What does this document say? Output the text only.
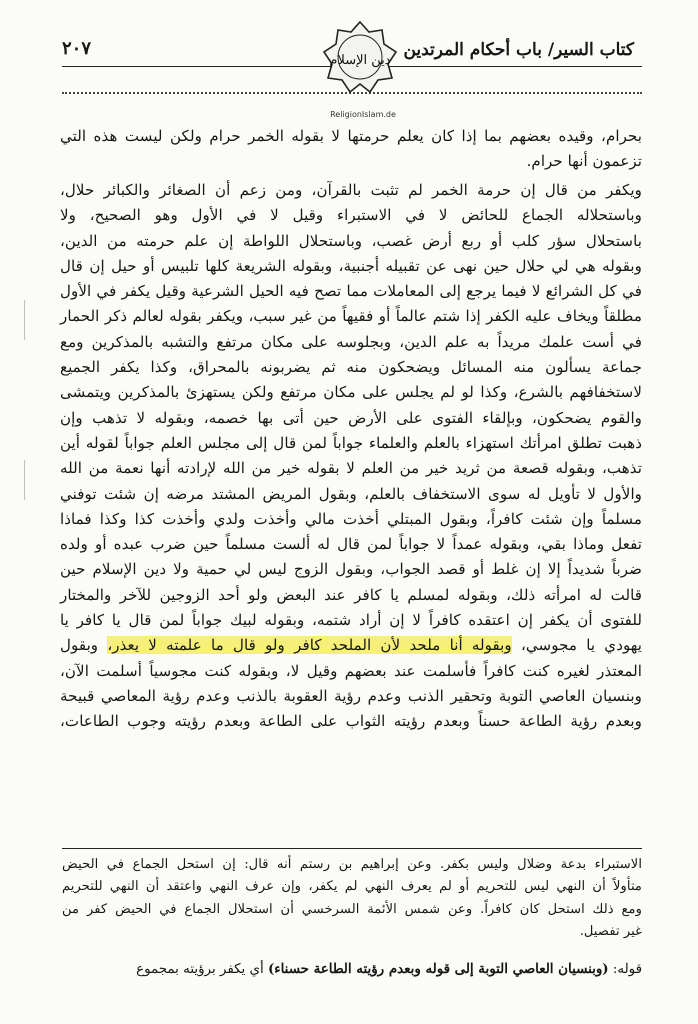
كتاب السير/ باب أحكام المرتدين
٢٠٧
دين الإسلام
ReligionIslam.de
بحرام، وقيده بعضهم بما إذا كان يعلم حرمتها لا بقوله الخمر حرام ولكن ليست هذه التي
تزعمون أنها حرام.
ويكفر من قال إن حرمة الخمر لم تثبت بالقرآن، ومن زعم أن الصغائر والكبائر حلال،
وباستحلاله الجماع للحائض لا في الاستبراء وقيل لا في الأول وهو الصحيح، ولا
باستحلال سؤر كلب أو ربع أرض غصب، وباستحلال اللواطة إن علم حرمته من الدين،
وبقوله هي لي حلال حين نهى عن تقبيله أجنبية، وبقوله الشريعة كلها تلبيس أو حيل إن قال
في كل الشرائع لا فيما يرجع إلى المعاملات مما تصح فيه الحيل الشرعية وقيل يكفر في الأول
مطلقاً ويخاف عليه الكفر إذا شتم عالماً أو فقيهاً من غير سبب، ويكفر بقوله لعالم ذكر الحمار
في أست علمك مريداً به علم الدين، وبجلوسه على مكان مرتفع والتشبه بالمذكرين ومع
جماعة يسألون منه المسائل ويضحكون منه ثم يضربونه بالمحراق، وكذا يكفر الجميع
لاستخفافهم بالشرع، وكذا لو لم يجلس على مكان مرتفع ولكن يستهزئ بالمذكرين ويتمشى
والقوم يضحكون، وبإلقاء الفتوى على الأرض حين أتى بها خصمه، وبقوله لا تذهب وإن
ذهبت تطلق امرأتك استهزاء بالعلم والعلماء جواباً لمن قال إلى مجلس العلم جواباً لقوله أين
تذهب، وبقوله قصعة من ثريد خير من العلم لا بقوله خير من الله لإرادته أنها نعمة من الله
والأول لا تأويل له سوى الاستخفاف بالعلم، وبقول المريض المشتد مرضه إن شئت توفني
مسلماً وإن شئت كافراً، وبقول المبتلي أخذت مالي وأخذت ولدي وأخذت كذا وكذا فماذا
تفعل وماذا بقي، وبقوله عمداً لا جواباً لمن قال له ألست مسلماً حين ضرب عبده أو ولده
ضرباً شديداً إلا إن غلط أو قصد الجواب، وبقول الزوج ليس لي حمية ولا دين الإسلام حين
قالت له امرأته ذلك، وبقوله لمسلم يا كافر عند البعض ولو أحد الزوجين للآخر والمختار
للفتوى أن يكفر إن اعتقده كافراً لا إن أراد شتمه، وبقوله لبيك جواباً لمن قال يا كافر يا
يهودي يا مجوسي، وبقوله أنا ملحد لأن الملحد كافر ولو قال ما علمته لا يعذر، وبقول
المعتذر لغيره كنت كافراً فأسلمت عند بعضهم وقيل لا، وبقوله كنت مجوسياً أسلمت الآن،
وبنسيان العاصي التوبة وتحقير الذنب وعدم رؤية العقوبة بالذنب وعدم رؤية المعاصي قبيحة
وبعدم رؤية الطاعة حسناً وبعدم رؤيته الثواب على الطاعة وبعدم رؤيته وجوب الطاعات،
الاستبراء بدعة وضلال وليس بكفر. وعن إبراهيم بن رستم أنه قال: إن استحل الجماع في الحيض
متأولاً أن النهي ليس للتحريم أو لم يعرف النهي لم يكفر، وإن عرف النهي واعتقد أن النهي للتحريم
ومع ذلك استحل كان كافراً. وعن شمس الأئمة السرخسي أن استحلال الجماع في الحيض كفر من
غير تفصيل.
قوله: (وبنسيان العاصي التوبة إلى قوله وبعدم رؤيته الطاعة حسناء) أي يكفر برؤيته بمجموع
